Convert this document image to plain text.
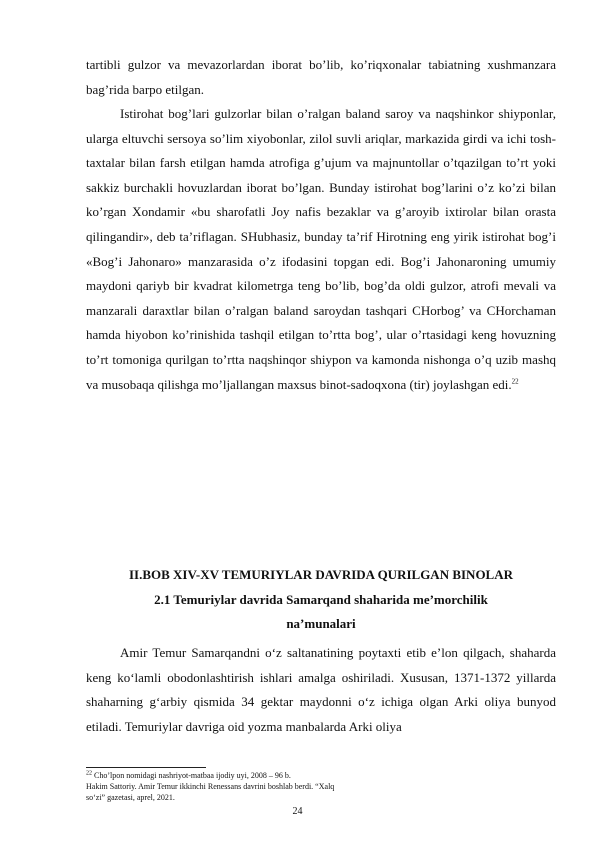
tartibli gulzor va mevazorlardan iborat bo’lib, ko’riqxonalar tabiatning xushmanzara bag’rida barpo etilgan.

Istirohat bog’lari gulzorlar bilan o’ralgan baland saroy va naqshinkor shiyponlar, ularga eltuvchi sersoya so’lim xiyobonlar, zilol suvli ariqlar, markazida girdi va ichi tosh-taxtalar bilan farsh etilgan hamda atrofiga g’ujum va majnuntollar o’tqazilgan to’rt yoki sakkiz burchakli hovuzlardan iborat bo’lgan. Bunday istirohat bog’larini o’z ko’zi bilan ko’rgan Xondamir «bu sharofatli Joy nafis bezaklar va g’aroyib ixtirolar bilan orasta qilingandir», deb ta’riflagan. SHubhasiz, bunday ta’rif Hirotning eng yirik istirohat bog’i «Bog’i Jahonaro» manzarasida o’z ifodasini topgan edi. Bog’i Jahonaroning umumiy maydoni qariyb bir kvadrat kilometrga teng bo’lib, bog’da oldi gulzor, atrofi mevali va manzarali daraxtlar bilan o’ralgan baland saroydan tashqari CHorbog’ va CHorchaman hamda hiyobon ko’rinishida tashqil etilgan to’rtta bog’, ular o’rtasidagi keng hovuzning to’rt tomoniga qurilgan to’rtta naqshinqor shiypon va kamonda nishonga o’q uzib mashq va musobaqa qilishga mo’ljallangan maxsus binot-sadoqxona (tir) joylashgan edi.$^{22}$

II.BOB XIV-XV TEMURIYLAR DAVRIDA QURILGAN BINOLAR
2.1 Temuriylar davrida Samarqand shaharida me’morchilik
na’munalari

Amir Temur Samarqandni o‘z saltanatining poytaxti etib e’lon qilgach, shaharda keng ko‘lamli obodonlashtirish ishlari amalga oshiriladi. Xususan, 1371-1372 yillarda shaharning g‘arbiy qismida 34 gektar maydonni o‘z ichiga olgan Arki oliya bunyod etiladi. Temuriylar davriga oid yozma manbalarda Arki oliya

$^{22}$ Cho’lpon nomidagi nashriyot-matbaa ijodiy uyi, 2008 – 96 b.

Hakim Sattoriy. Amir Temur ikkinchi Renessans davrini boshlab berdi. “Xalq

so‘zi” gazetasi, aprel, 2021.

24
